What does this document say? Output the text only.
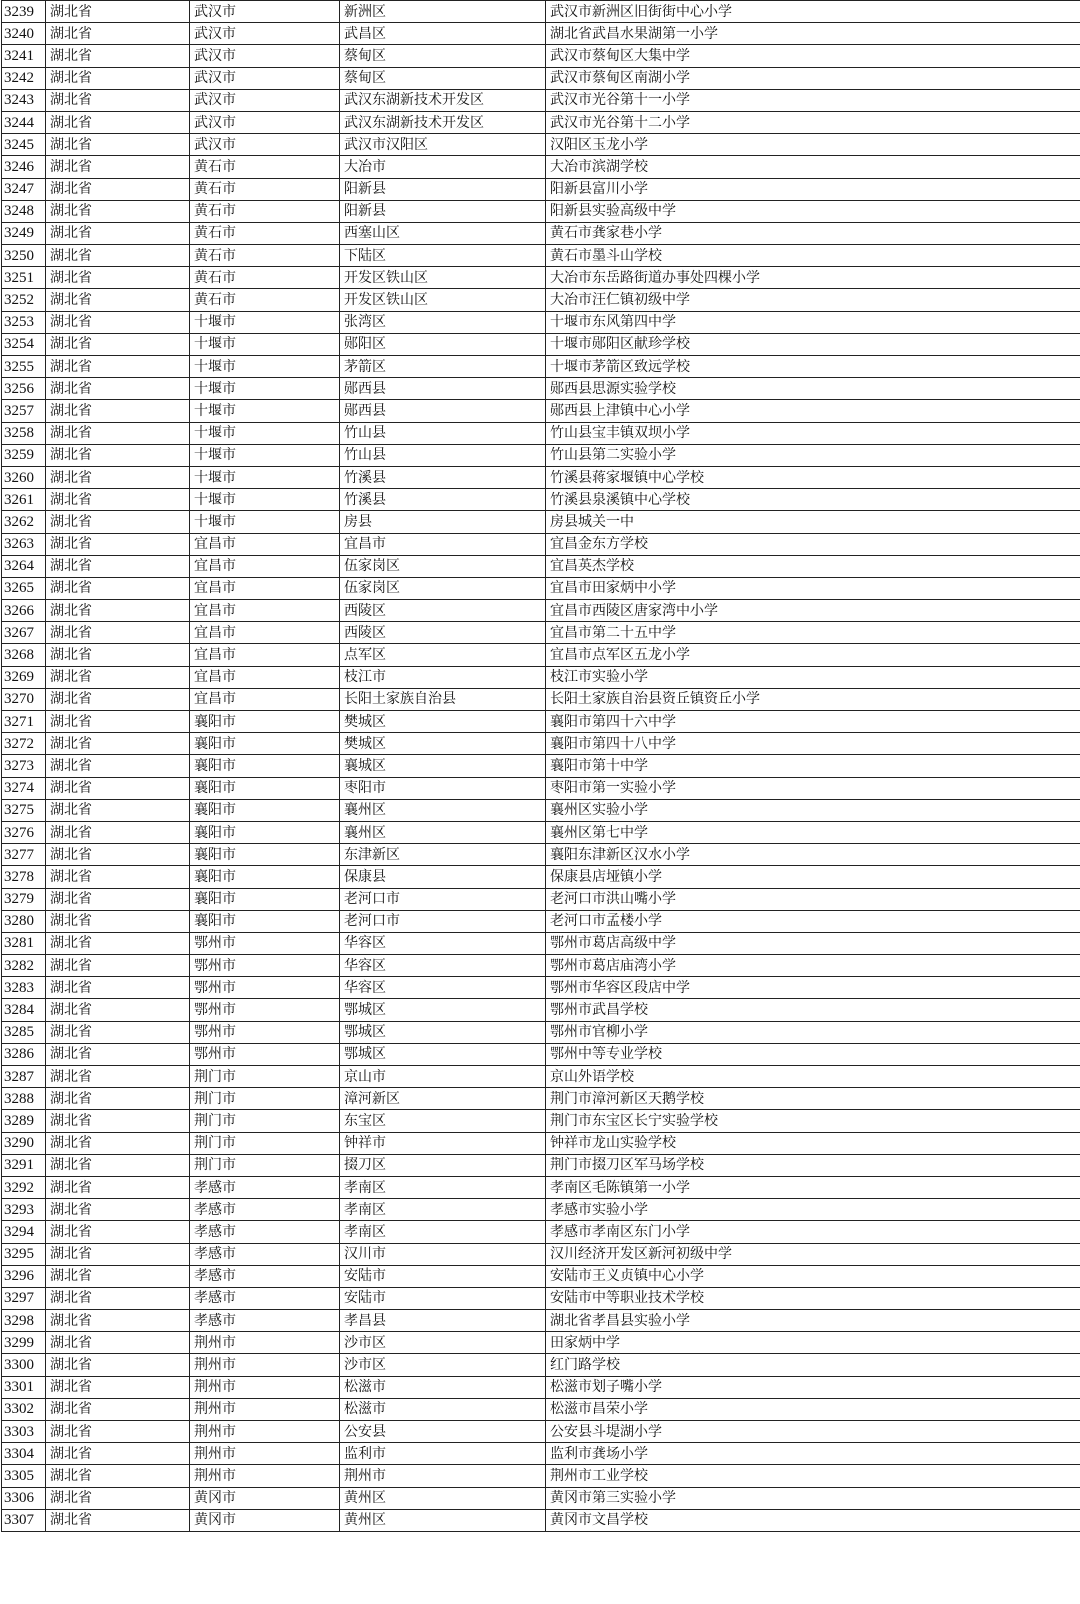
3239	湖北省	武汉市	新洲区	武汉市新洲区旧街街中心小学
3240	湖北省	武汉市	武昌区	湖北省武昌水果湖第一小学
3241	湖北省	武汉市	蔡甸区	武汉市蔡甸区大集中学
3242	湖北省	武汉市	蔡甸区	武汉市蔡甸区南湖小学
3243	湖北省	武汉市	武汉东湖新技术开发区	武汉市光谷第十一小学
3244	湖北省	武汉市	武汉东湖新技术开发区	武汉市光谷第十二小学
3245	湖北省	武汉市	武汉市汉阳区	汉阳区玉龙小学
3246	湖北省	黄石市	大冶市	大冶市滨湖学校
3247	湖北省	黄石市	阳新县	阳新县富川小学
3248	湖北省	黄石市	阳新县	阳新县实验高级中学
3249	湖北省	黄石市	西塞山区	黄石市龚家巷小学
3250	湖北省	黄石市	下陆区	黄石市墨斗山学校
3251	湖北省	黄石市	开发区铁山区	大冶市东岳路街道办事处四棵小学
3252	湖北省	黄石市	开发区铁山区	大冶市汪仁镇初级中学
3253	湖北省	十堰市	张湾区	十堰市东风第四中学
3254	湖北省	十堰市	郧阳区	十堰市郧阳区献珍学校
3255	湖北省	十堰市	茅箭区	十堰市茅箭区致远学校
3256	湖北省	十堰市	郧西县	郧西县思源实验学校
3257	湖北省	十堰市	郧西县	郧西县上津镇中心小学
3258	湖北省	十堰市	竹山县	竹山县宝丰镇双坝小学
3259	湖北省	十堰市	竹山县	竹山县第二实验小学
3260	湖北省	十堰市	竹溪县	竹溪县蒋家堰镇中心学校
3261	湖北省	十堰市	竹溪县	竹溪县泉溪镇中心学校
3262	湖北省	十堰市	房县	房县城关一中
3263	湖北省	宜昌市	宜昌市	宜昌金东方学校
3264	湖北省	宜昌市	伍家岗区	宜昌英杰学校
3265	湖北省	宜昌市	伍家岗区	宜昌市田家炳中小学
3266	湖北省	宜昌市	西陵区	宜昌市西陵区唐家湾中小学
3267	湖北省	宜昌市	西陵区	宜昌市第二十五中学
3268	湖北省	宜昌市	点军区	宜昌市点军区五龙小学
3269	湖北省	宜昌市	枝江市	枝江市实验小学
3270	湖北省	宜昌市	长阳土家族自治县	长阳土家族自治县资丘镇资丘小学
3271	湖北省	襄阳市	樊城区	襄阳市第四十六中学
3272	湖北省	襄阳市	樊城区	襄阳市第四十八中学
3273	湖北省	襄阳市	襄城区	襄阳市第十中学
3274	湖北省	襄阳市	枣阳市	枣阳市第一实验小学
3275	湖北省	襄阳市	襄州区	襄州区实验小学
3276	湖北省	襄阳市	襄州区	襄州区第七中学
3277	湖北省	襄阳市	东津新区	襄阳东津新区汉水小学
3278	湖北省	襄阳市	保康县	保康县店垭镇小学
3279	湖北省	襄阳市	老河口市	老河口市洪山嘴小学
3280	湖北省	襄阳市	老河口市	老河口市孟楼小学
3281	湖北省	鄂州市	华容区	鄂州市葛店高级中学
3282	湖北省	鄂州市	华容区	鄂州市葛店庙湾小学
3283	湖北省	鄂州市	华容区	鄂州市华容区段店中学
3284	湖北省	鄂州市	鄂城区	鄂州市武昌学校
3285	湖北省	鄂州市	鄂城区	鄂州市官柳小学
3286	湖北省	鄂州市	鄂城区	鄂州中等专业学校
3287	湖北省	荆门市	京山市	京山外语学校
3288	湖北省	荆门市	漳河新区	荆门市漳河新区天鹅学校
3289	湖北省	荆门市	东宝区	荆门市东宝区长宁实验学校
3290	湖北省	荆门市	钟祥市	钟祥市龙山实验学校
3291	湖北省	荆门市	掇刀区	荆门市掇刀区军马场学校
3292	湖北省	孝感市	孝南区	孝南区毛陈镇第一小学
3293	湖北省	孝感市	孝南区	孝感市实验小学
3294	湖北省	孝感市	孝南区	孝感市孝南区东门小学
3295	湖北省	孝感市	汉川市	汉川经济开发区新河初级中学
3296	湖北省	孝感市	安陆市	安陆市王义贞镇中心小学
3297	湖北省	孝感市	安陆市	安陆市中等职业技术学校
3298	湖北省	孝感市	孝昌县	湖北省孝昌县实验小学
3299	湖北省	荆州市	沙市区	田家炳中学
3300	湖北省	荆州市	沙市区	红门路学校
3301	湖北省	荆州市	松滋市	松滋市划子嘴小学
3302	湖北省	荆州市	松滋市	松滋市昌荣小学
3303	湖北省	荆州市	公安县	公安县斗堤湖小学
3304	湖北省	荆州市	监利市	监利市龚场小学
3305	湖北省	荆州市	荆州市	荆州市工业学校
3306	湖北省	黄冈市	黄州区	黄冈市第三实验小学
3307	湖北省	黄冈市	黄州区	黄冈市文昌学校
